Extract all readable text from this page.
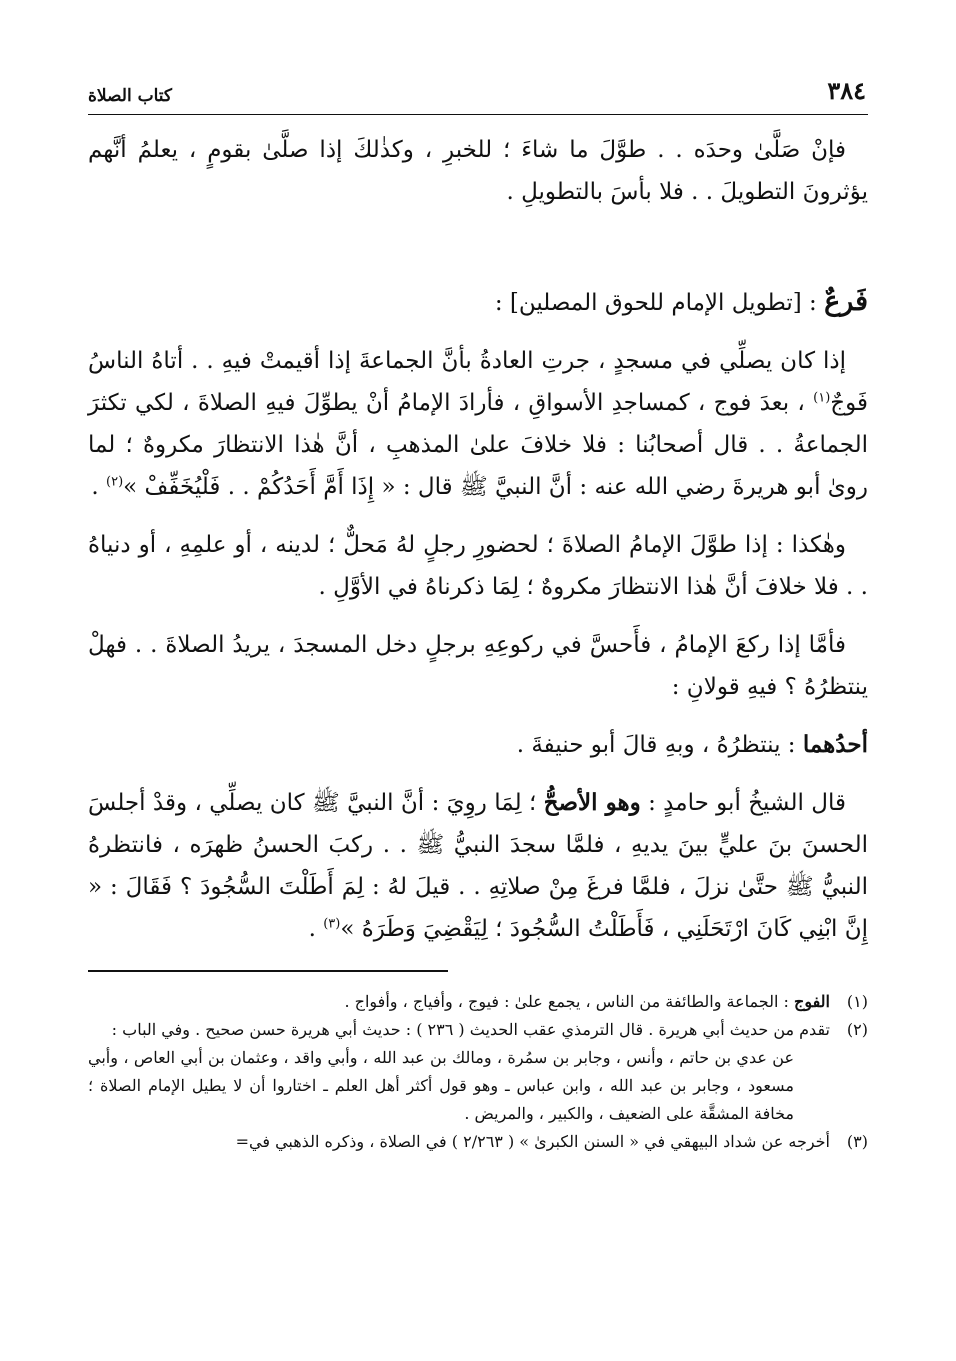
٣٨٤
كتاب الصلاة

فإنْ صَلَّىٰ وحدَه . . طوَّلَ ما شاءَ ؛ للخبرِ ، وكذٰلكَ إذا صلَّىٰ بقومٍ ، يعلمُ أنَّهم يؤثرونَ التطويلَ . . فلا بأسَ بالتطويلِ .

فَرعٌ : [تطويل الإمام للحوق المصلين] :

إذا كان يصلِّي في مسجدٍ ، جرتِ العادةُ بأنَّ الجماعةَ إذا أقيمتْ فيهِ . . أتاهُ الناسُ فَوجٌ$^{(١)}$ ، بعدَ فوج ، كمساجدِ الأسواقِ ، فأرادَ الإمامُ أنْ يطوِّلَ فيهِ الصلاةَ ، لكي تكثرَ الجماعةُ . . قال أصحابُنا : فلا خلافَ علىٰ المذهبِ ، أنَّ هٰذا الانتظارَ مكروهٌ ؛ لما روىٰ أبو هريرةَ رضي الله عنه : أنَّ النبيَّ ﷺ قال : « إِذَا أَمَّ أَحَدُكُمْ . . فَلْيُخَفِّفْ »$^{(٢)}$ .

وهٰكذا : إذا طوَّلَ الإمامُ الصلاةَ ؛ لحضورِ رجلٍ لهُ مَحلٌّ ؛ لدينه ، أو علمِهِ ، أو دنياهُ . . فلا خلافَ أنَّ هٰذا الانتظارَ مكروهٌ ؛ لِمَا ذكرناهُ في الأوَّلِ .

فأمَّا إذا ركعَ الإمامُ ، فأَحسَّ في ركوعِهِ برجلٍ دخل المسجدَ ، يريدُ الصلاةَ . . فهلْ ينتظرُهُ ؟ فيهِ قولانِ :

أحدُهما : ينتظرُهُ ، وبهِ قالَ أبو حنيفةَ .

قال الشيخُ أبو حامدٍ : وهو الأصحُّ ؛ لِمَا روِيَ : أنَّ النبيَّ ﷺ كان يصلِّي ، وقدْ أجلسَ الحسنَ بنَ عليٍّ بينَ يديهِ ، فلمَّا سجدَ النبيُّ ﷺ . . ركبَ الحسنُ ظهرَه ، فانتظرهُ النبيُّ ﷺ حتَّىٰ نزلَ ، فلمَّا فرغَ مِنْ صلاتِهِ . . قيلَ لهُ : لِمَ أَطَلْتَ السُّجُودَ ؟ فَقَالَ : « إِنَّ ابْنِي كَانَ ارْتَحَلَنِي ، فَأَطَلْتُ السُّجُودَ ؛ لِيَقْضِيَ وَطَرَهُ »$^{(٣)}$ .

(١)
الفوج : الجماعة والطائفة من الناس ، يجمع علىٰ : فيوج ، وأفياج ، وأفواج .
(٢)
تقدم من حديث أبي هريرة . قال الترمذي عقب الحديث ( ٢٣٦ ) : حديث أبي هريرة حسن صحيح . وفي الباب :
عن عدي بن حاتم ، وأنس ، وجابر بن سمُرة ، ومالك بن عبد الله ، وأبي واقد ، وعثمان بن أبي العاص ، وأبي مسعود ، وجابر بن عبد الله ، وابن عباس ـ وهو قول أكثر أهل العلم ـ اختاروا أن لا يطيل الإمام الصلاة ؛ مخافة المشقَّة على الضعيف ، والكبير ، والمريض .
(٣)
أخرجه عن شداد البيهقي في « السنن الكبرىٰ » ( ٢/٢٦٣ ) في الصلاة ، وذكره الذهبي في=
